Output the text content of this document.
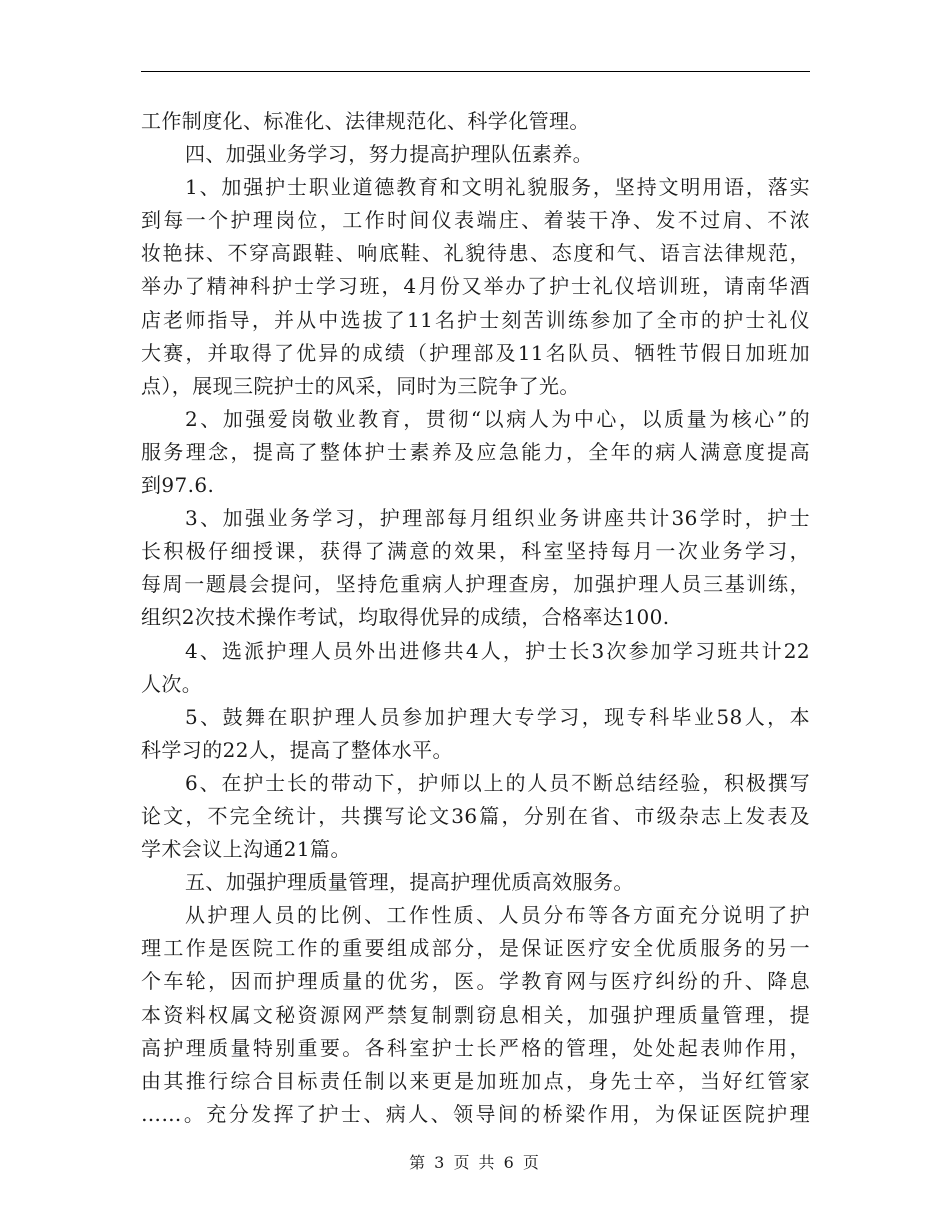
工作制度化、标准化、法律规范化、科学化管理。
四、加强业务学习，努力提高护理队伍素养。
1、加强护士职业道德教育和文明礼貌服务，坚持文明用语，落实
到每一个护理岗位，工作时间仪表端庄、着装干净、发不过肩、不浓
妆艳抹、不穿高跟鞋、响底鞋、礼貌待患、态度和气、语言法律规范，
举办了精神科护士学习班，4月份又举办了护士礼仪培训班，请南华酒
店老师指导，并从中选拔了11名护士刻苦训练参加了全市的护士礼仪
大赛，并取得了优异的成绩（护理部及11名队员、牺牲节假日加班加
点），展现三院护士的风采，同时为三院争了光。
2、加强爱岗敬业教育，贯彻“以病人为中心，以质量为核心”的
服务理念，提高了整体护士素养及应急能力，全年的病人满意度提高
到97.6.
3、加强业务学习，护理部每月组织业务讲座共计36学时，护士
长积极仔细授课，获得了满意的效果，科室坚持每月一次业务学习，
每周一题晨会提问，坚持危重病人护理查房，加强护理人员三基训练，
组织2次技术操作考试，均取得优异的成绩，合格率达100.
4、选派护理人员外出进修共4人，护士长3次参加学习班共计22
人次。
5、鼓舞在职护理人员参加护理大专学习，现专科毕业58人，本
科学习的22人，提高了整体水平。
6、在护士长的带动下，护师以上的人员不断总结经验，积极撰写
论文，不完全统计，共撰写论文36篇，分别在省、市级杂志上发表及
学术会议上沟通21篇。
五、加强护理质量管理，提高护理优质高效服务。
从护理人员的比例、工作性质、人员分布等各方面充分说明了护
理工作是医院工作的重要组成部分，是保证医疗安全优质服务的另一
个车轮，因而护理质量的优劣，医。学教育网与医疗纠纷的升、降息
本资料权属文秘资源网严禁复制剽窃息相关，加强护理质量管理，提
高护理质量特别重要。各科室护士长严格的管理，处处起表帅作用，
由其推行综合目标责任制以来更是加班加点，身先士卒，当好红管家
……。充分发挥了护士、病人、领导间的桥梁作用，为保证医院护理
第 3 页 共 6 页
